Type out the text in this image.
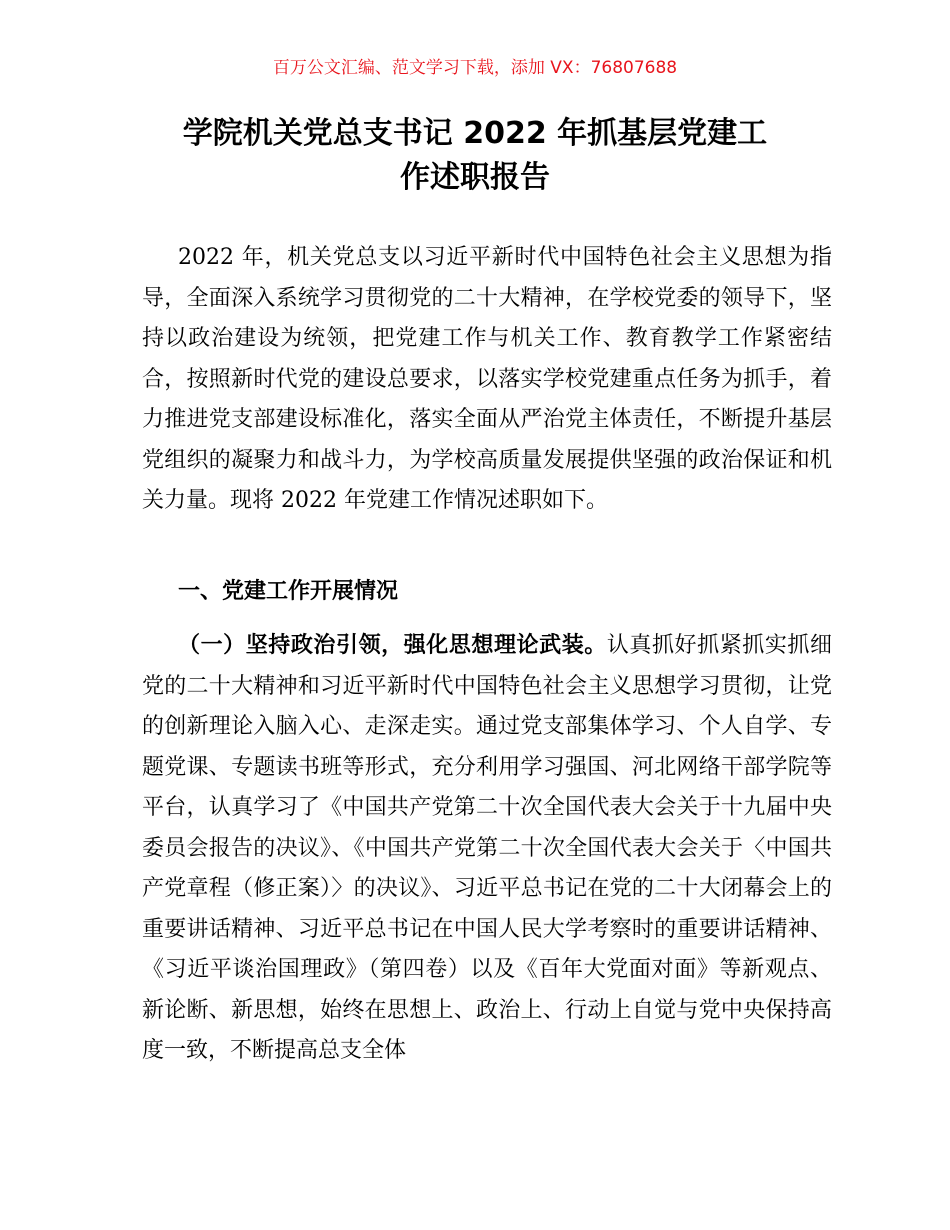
百万公文汇编、范文学习下载，添加 VX：76807688
学院机关党总支书记 2022 年抓基层党建工
作述职报告

2022 年，机关党总支以习近平新时代中国特色社会主义思想为指导，全面深入系统学习贯彻党的二十大精神，在学校党委的领导下，坚持以政治建设为统领，把党建工作与机关工作、教育教学工作紧密结合，按照新时代党的建设总要求，以落实学校党建重点任务为抓手，着力推进党支部建设标准化，落实全面从严治党主体责任，不断提升基层党组织的凝聚力和战斗力，为学校高质量发展提供坚强的政治保证和机关力量。现将 2022 年党建工作情况述职如下。

一、党建工作开展情况

（一）坚持政治引领，强化思想理论武装。认真抓好抓紧抓实抓细党的二十大精神和习近平新时代中国特色社会主义思想学习贯彻，让党的创新理论入脑入心、走深走实。通过党支部集体学习、个人自学、专题党课、专题读书班等形式，充分利用学习强国、河北网络干部学院等平台，认真学习了《中国共产党第二十次全国代表大会关于十九届中央委员会报告的决议》、《中国共产党第二十次全国代表大会关于〈中国共产党章程（修正案）〉的决议》、习近平总书记在党的二十大闭幕会上的重要讲话精神、习近平总书记在中国人民大学考察时的重要讲话精神、《习近平谈治国理政》（第四卷）以及《百年大党面对面》等新观点、新论断、新思想，始终在思想上、政治上、行动上自觉与党中央保持高度一致，不断提高总支全体
